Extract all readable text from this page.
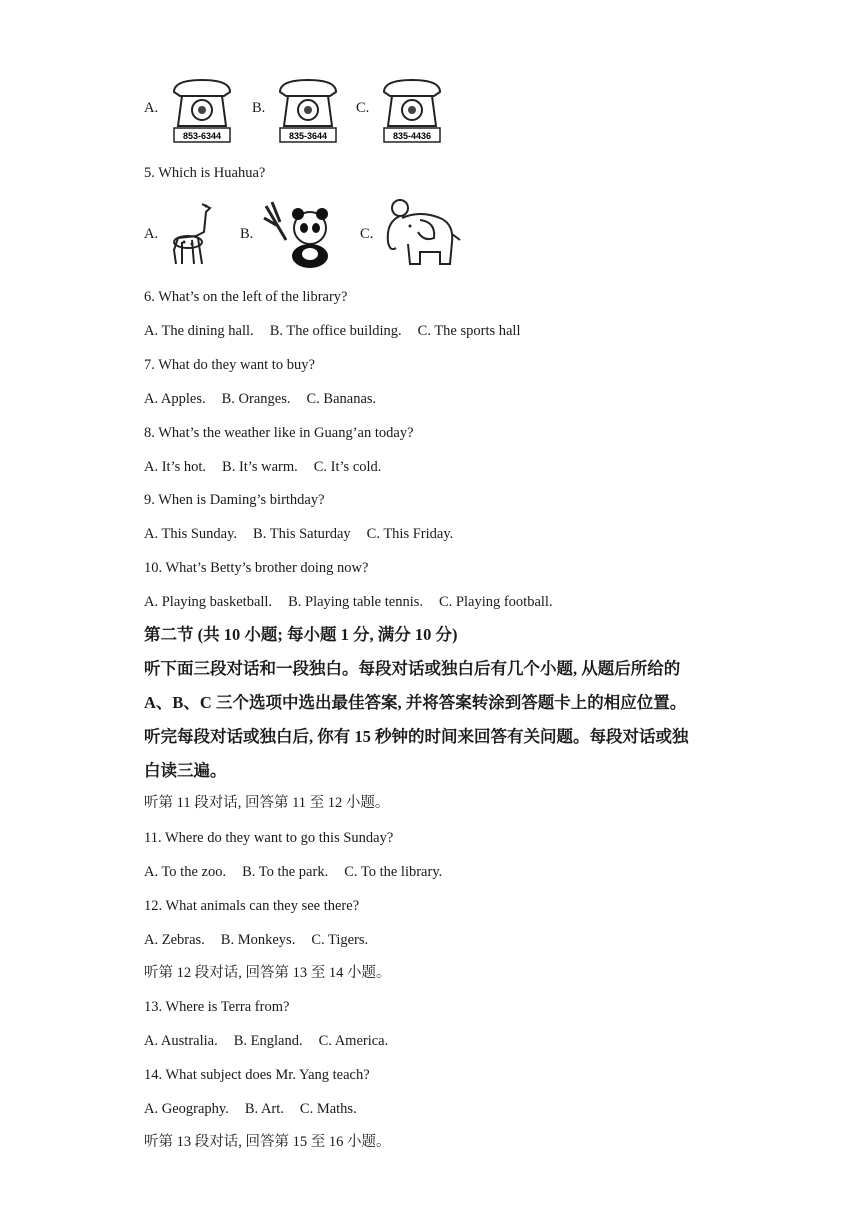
A.
853-6344
B.
835-3644
C.
835-4436
5. Which is Huahua?
A.	B.	C.
6. What’s on the left of the library?
A. The dining hall. B. The office building. C. The sports hall
7. What do they want to buy?
A. Apples. B. Oranges. C. Bananas.
8. What’s the weather like in Guang’an today?
A. It’s hot. B. It’s warm. C. It’s cold.
9. When is Daming’s birthday?
A. This Sunday. B. This Saturday C. This Friday.
10. What’s Betty’s brother doing now?
A. Playing basketball. B. Playing table tennis. C. Playing football.
第二节 (共 10 小题; 每小题 1 分, 满分 10 分)
听下面三段对话和一段独白。每段对话或独白后有几个小题, 从题后所给的
A、B、C 三个选项中选出最佳答案, 并将答案转涂到答题卡上的相应位置。
听完每段对话或独白后, 你有 15 秒钟的时间来回答有关问题。每段对话或独
白读三遍。
听第 11 段对话, 回答第 11 至 12 小题。
11. Where do they want to go this Sunday?
A. To the zoo. B. To the park. C. To the library.
12. What animals can they see there?
A. Zebras. B. Monkeys. C. Tigers.
听第 12 段对话, 回答第 13 至 14 小题。
13. Where is Terra from?
A. Australia. B. England. C. America.
14. What subject does Mr. Yang teach?
A. Geography. B. Art. C. Maths.
听第 13 段对话, 回答第 15 至 16 小题。
